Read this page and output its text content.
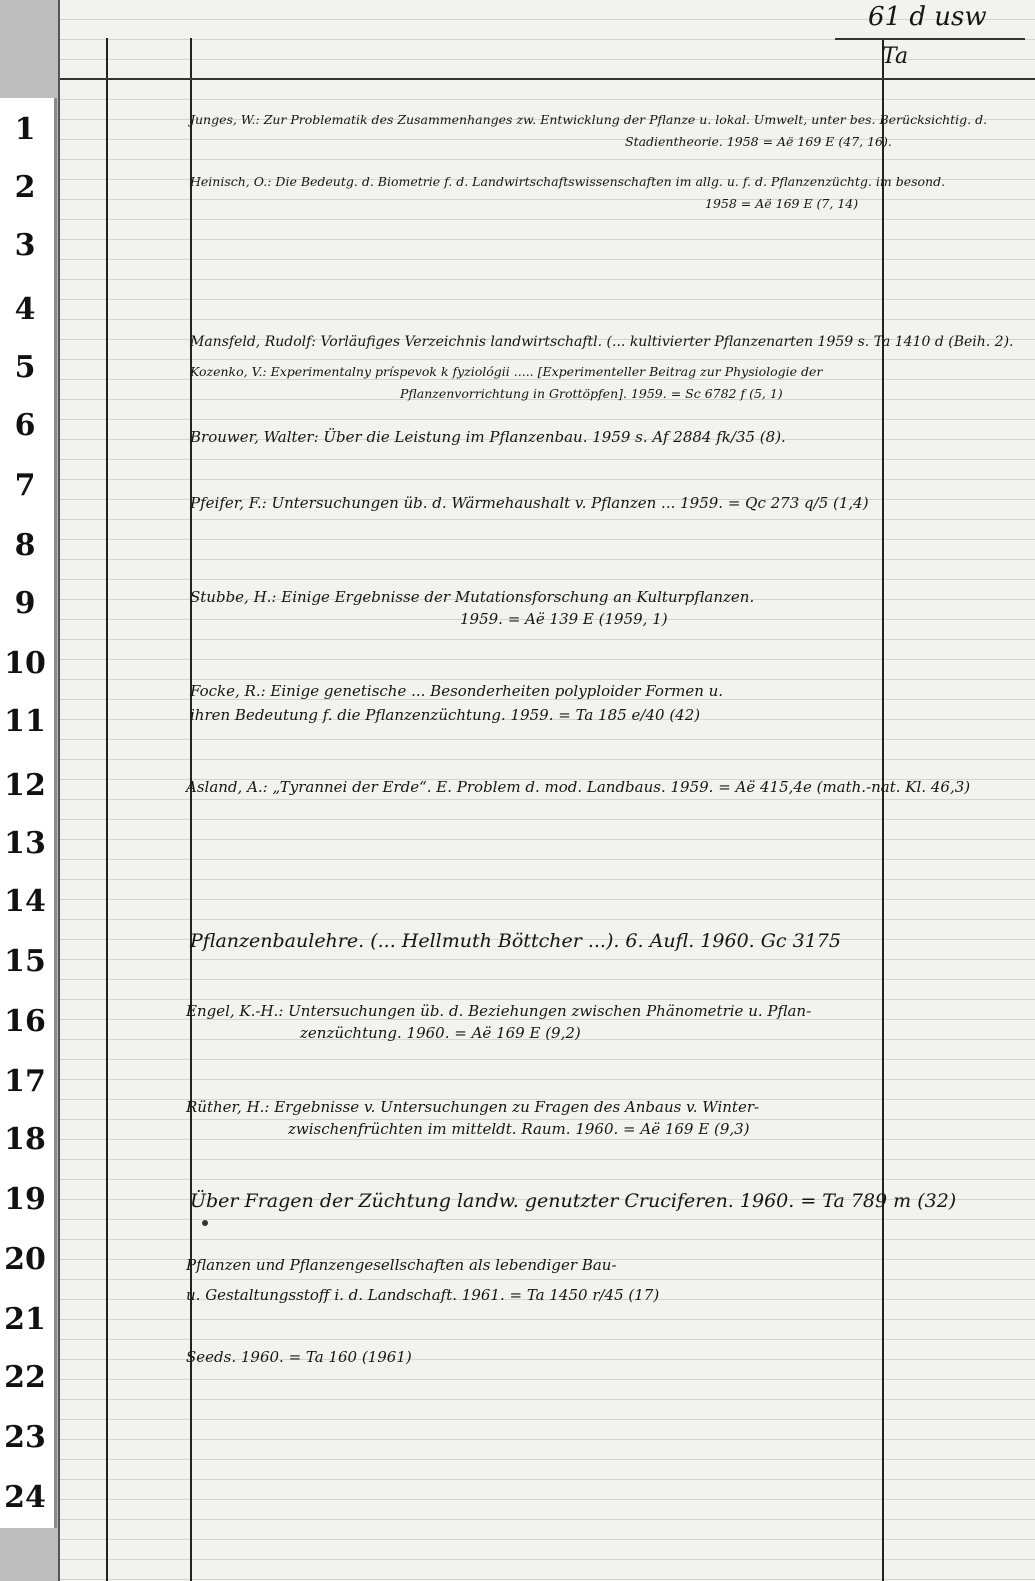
1
2
3
4
5
6
7
8
9
10
11
12
13
14
15
16
17
18
19
20
21
22
23
24
61 d usw
Ta
Junges, W.: Zur Problematik des Zusammenhanges zw. Entwicklung der Pflanze u. lokal. Umwelt, unter bes. Berücksichtig. d.
Stadientheorie. 1958 = Aë 169 E (47, 16).
Heinisch, O.: Die Bedeutg. d. Biometrie f. d. Landwirtschaftswissenschaften im allg. u. f. d. Pflanzenzüchtg. im besond.
1958 = Aë 169 E (7, 14)
Mansfeld, Rudolf: Vorläufiges Verzeichnis landwirtschaftl. (... kultivierter Pflanzenarten 1959 s. Ta 1410 d (Beih. 2).
Kozenko, V.: Experimentalny príspevok k fyziológii ..... [Experimenteller Beitrag zur Physiologie der
Pflanzenvorrichtung in Grottöpfen]. 1959. = Sc 6782 f (5, 1)
Brouwer, Walter: Über die Leistung im Pflanzenbau. 1959 s. Af 2884 fk/35 (8).
Pfeifer, F.: Untersuchungen üb. d. Wärmehaushalt v. Pflanzen ... 1959. = Qc 273 q/5 (1,4)
Stubbe, H.: Einige Ergebnisse der Mutationsforschung an Kulturpflanzen.
1959. = Aë 139 E (1959, 1)
Focke, R.: Einige genetische ... Besonderheiten polyploider Formen u.
ihren Bedeutung f. die Pflanzenzüchtung. 1959. = Ta 185 e/40 (42)
Asland, A.: „Tyrannei der Erde“. E. Problem d. mod. Landbaus. 1959. = Aë 415,4e (math.-nat. Kl. 46,3)
Pflanzenbaulehre. (... Hellmuth Böttcher ...). 6. Aufl. 1960. Gc 3175
Engel, K.-H.: Untersuchungen üb. d. Beziehungen zwischen Phänometrie u. Pflan-
zenzüchtung. 1960. = Aë 169 E (9,2)
Rüther, H.: Ergebnisse v. Untersuchungen zu Fragen des Anbaus v. Winter-
zwischenfrüchten im mitteldt. Raum. 1960. = Aë 169 E (9,3)
Über Fragen der Züchtung landw. genutzter Cruciferen. 1960. = Ta 789 m (32)
Pflanzen und Pflanzengesellschaften als lebendiger Bau-
u. Gestaltungsstoff i. d. Landschaft. 1961. = Ta 1450 r/45 (17)
Seeds. 1960. = Ta 160 (1961)
